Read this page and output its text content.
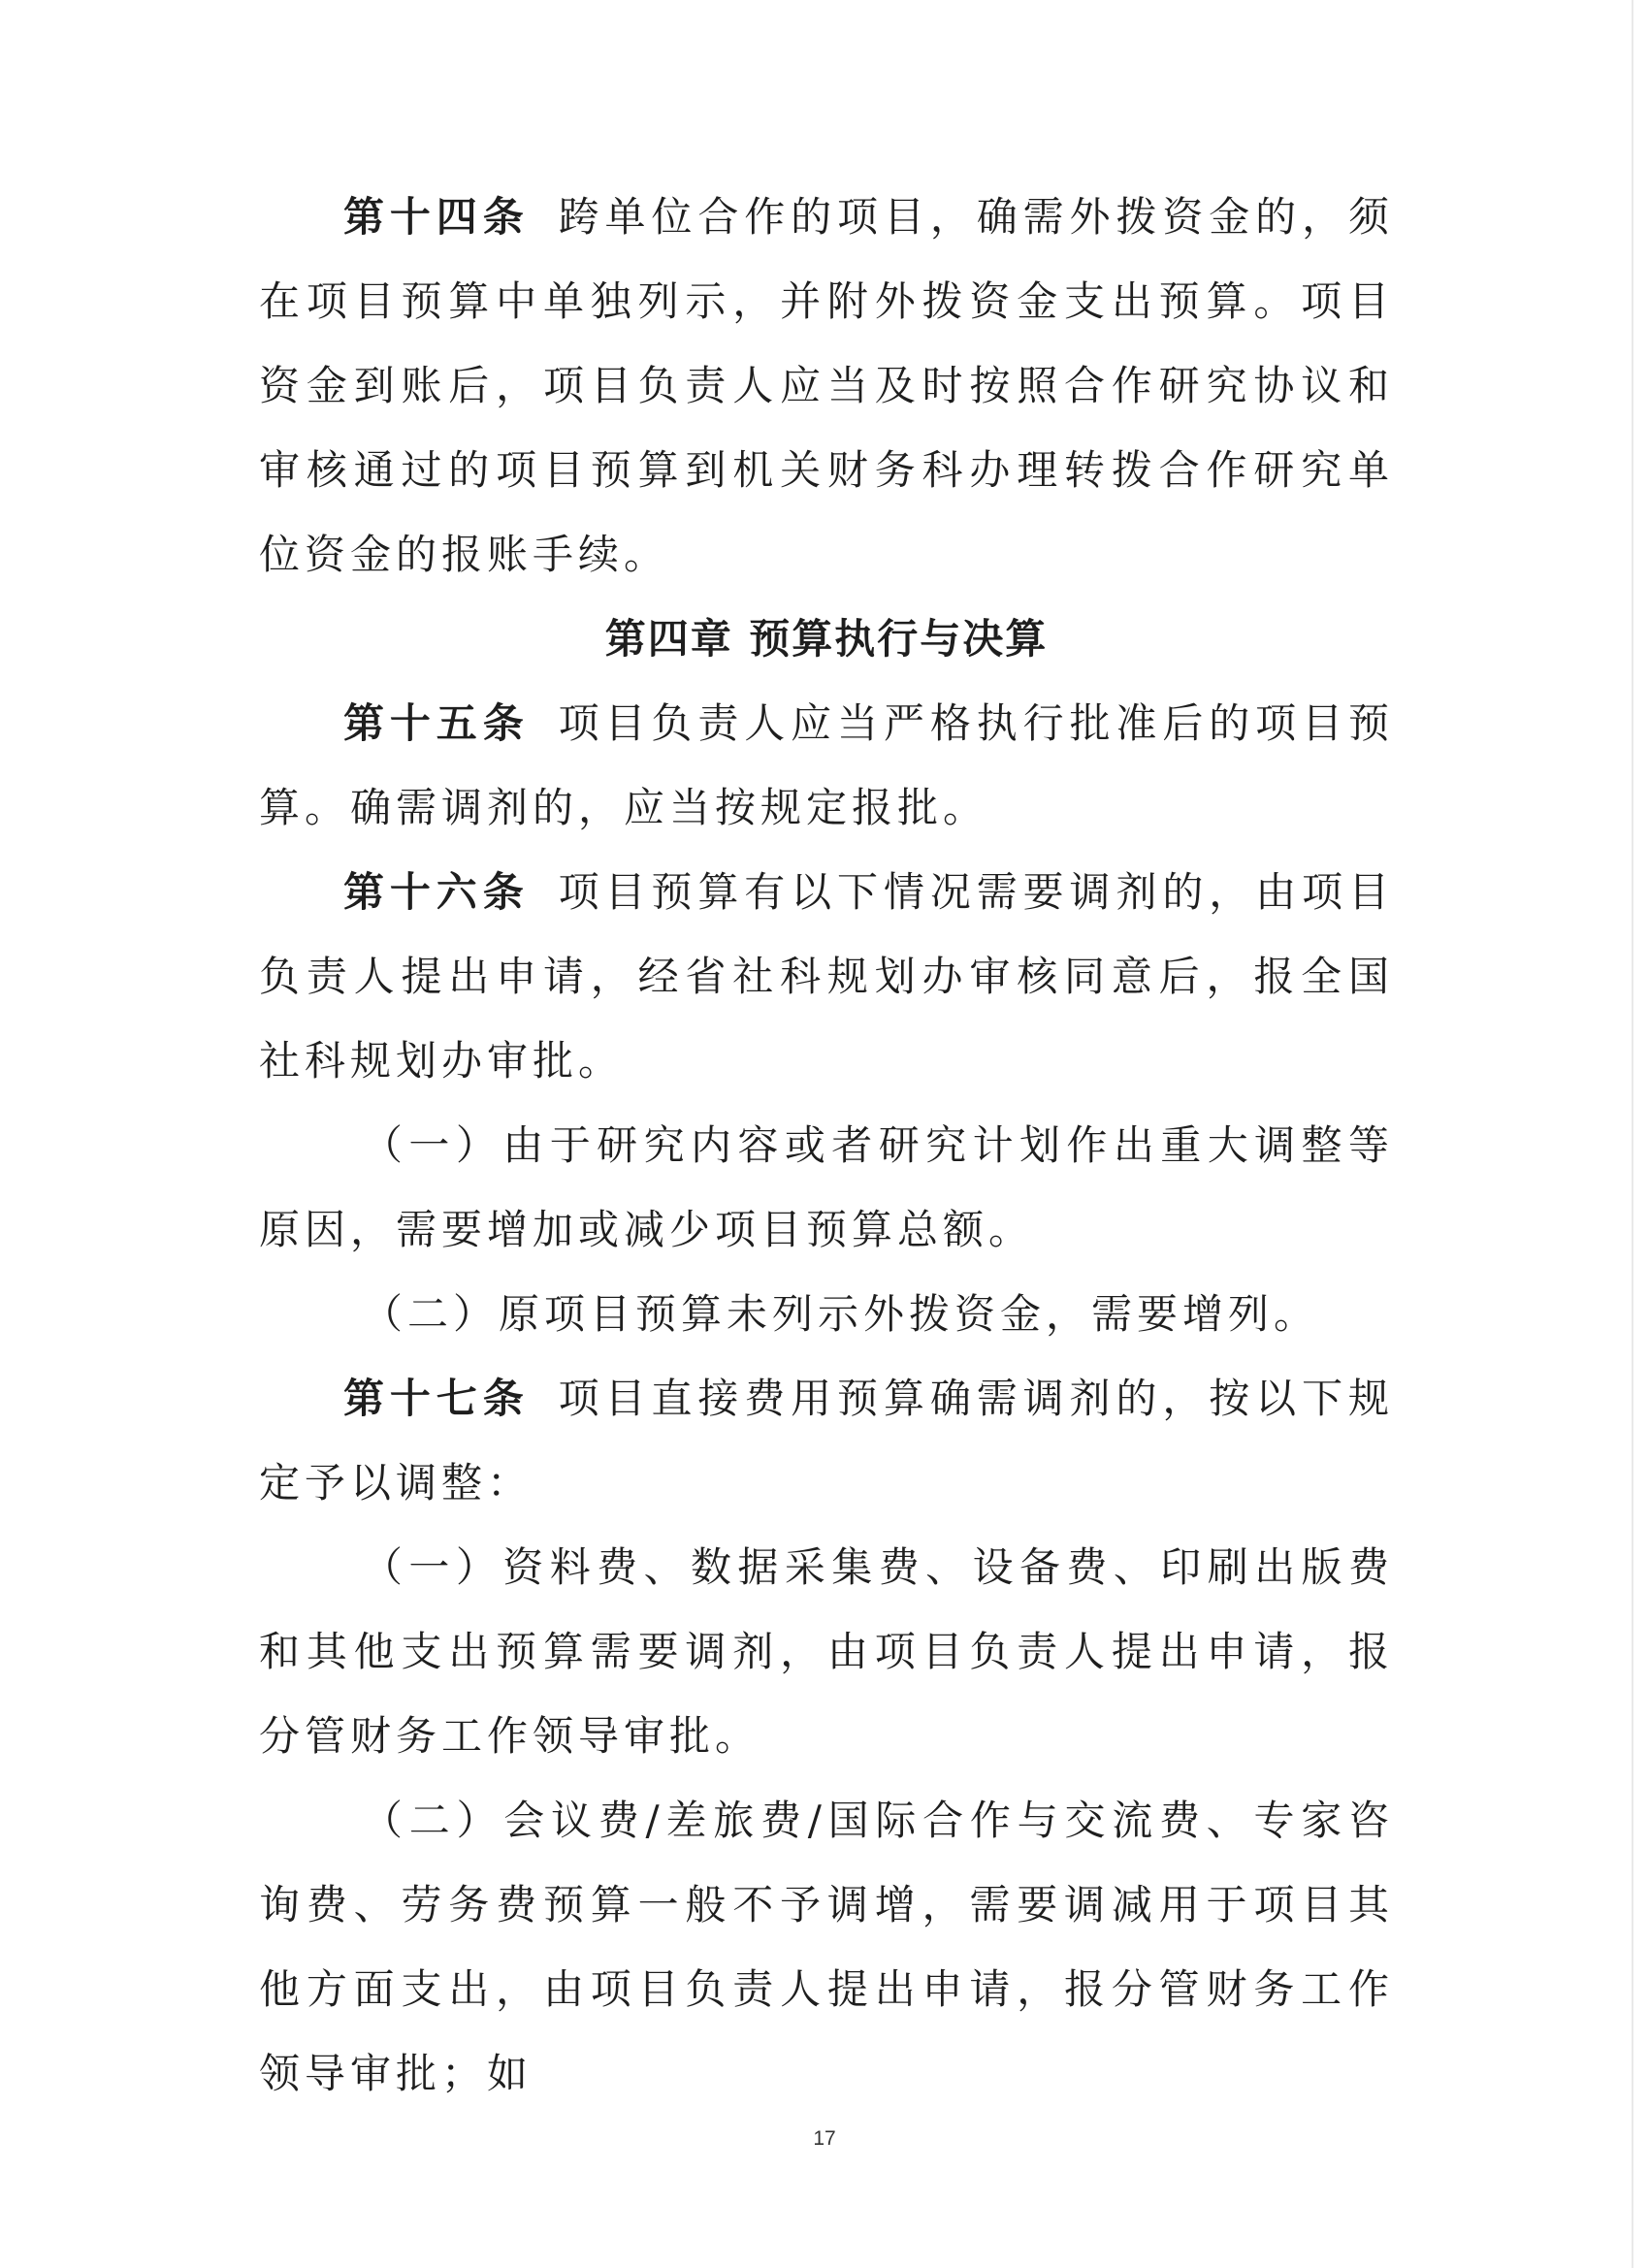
第十四条 跨单位合作的项目，确需外拨资金的，须在项目预算中单独列示，并附外拨资金支出预算。项目资金到账后，项目负责人应当及时按照合作研究协议和审核通过的项目预算到机关财务科办理转拨合作研究单位资金的报账手续。

第四章 预算执行与决算

第十五条 项目负责人应当严格执行批准后的项目预算。确需调剂的，应当按规定报批。

第十六条 项目预算有以下情况需要调剂的，由项目负责人提出申请，经省社科规划办审核同意后，报全国社科规划办审批。

（一）由于研究内容或者研究计划作出重大调整等原因，需要增加或减少项目预算总额。

（二）原项目预算未列示外拨资金，需要增列。

第十七条 项目直接费用预算确需调剂的，按以下规定予以调整：

（一）资料费、数据采集费、设备费、印刷出版费和其他支出预算需要调剂，由项目负责人提出申请，报分管财务工作领导审批。

（二）会议费/差旅费/国际合作与交流费、专家咨询费、劳务费预算一般不予调增，需要调减用于项目其他方面支出，由项目负责人提出申请，报分管财务工作领导审批；如

17
